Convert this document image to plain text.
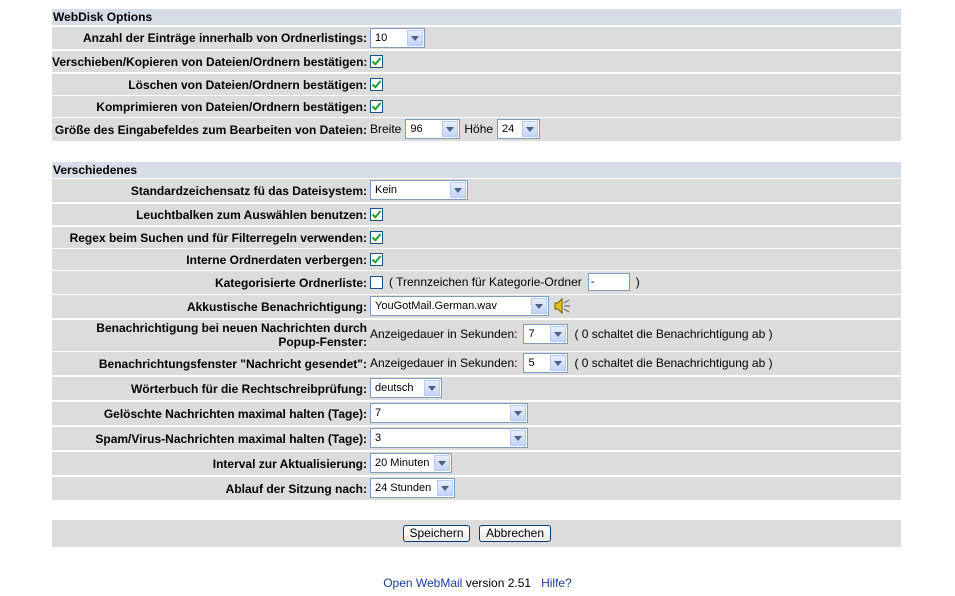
WebDisk Options
Anzahl der Einträge innerhalb von Ordnerlistings: 10
Verschieben/Kopieren von Dateien/Ordnern bestätigen:
Löschen von Dateien/Ordnern bestätigen:
Komprimieren von Dateien/Ordnern bestätigen:
Größe des Eingabefeldes zum Bearbeiten von Dateien: Breite 96	Höhe 24
Verschiedenes
Standardzeichensatz fü das Dateisystem: Kein
Leuchtbalken zum Auswählen benutzen:
Regex beim Suchen und für Filterregeln verwenden:
Interne Ordnerdaten verbergen:
Kategorisierte Ordnerliste: ( Trennzeichen für Kategorie-Ordner -	)
Akkustische Benachrichtigung: YouGotMail.German.wav
Benachrichtigung bei neuen Nachrichten durch
Popup-Fenster:
Anzeigedauer in Sekunden:	7	( 0 schaltet die Benachrichtigung ab )
Benachrichtungsfenster "Nachricht gesendet": Anzeigedauer in Sekunden:	5	( 0 schaltet die Benachrichtigung ab )
Wörterbuch für die Rechtschreibprüfung: deutsch
Gelöschte Nachrichten maximal halten (Tage): 7
Spam/Virus-Nachrichten maximal halten (Tage): 3
Interval zur Aktualisierung: 20 Minuten
Ablauf der Sitzung nach: 24 Stunden
Speichern	Abbrechen
Open WebMail version 2.51 Hilfe?
